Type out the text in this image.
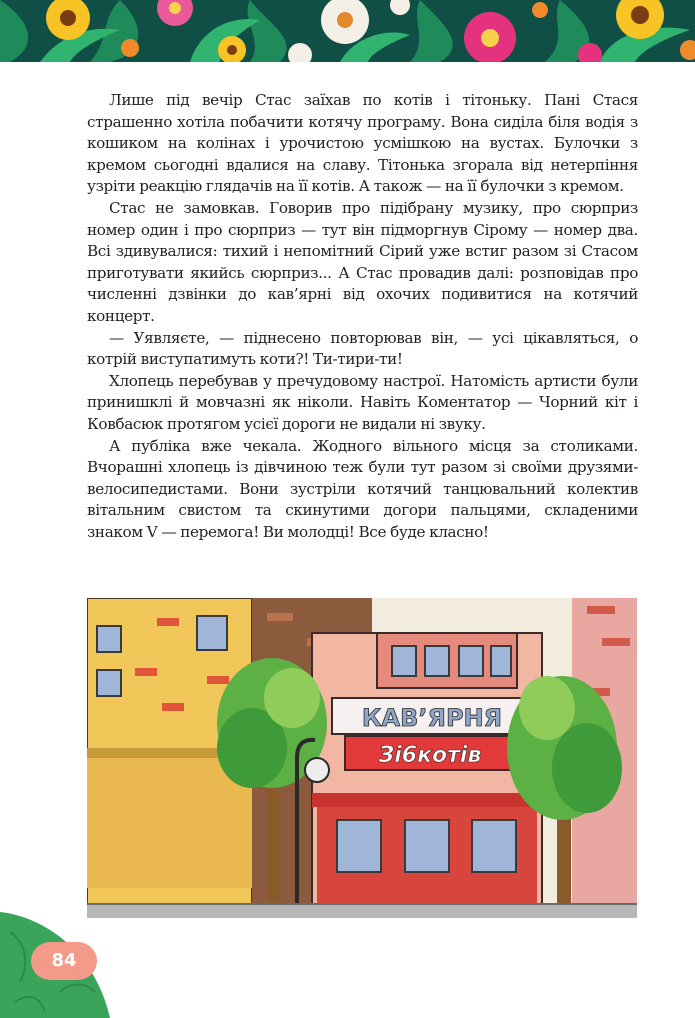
Лише під вечір Стас заїхав по котів і тітоньку. Пані Стася страшенно хотіла побачити котячу програму. Вона сиділа біля водія з кошиком на колінах і урочистою усмішкою на вустах. Булочки з кремом сьогодні вдалися на славу. Тітонька згорала від нетерпіння узріти реакцію глядачів на її котів. А також — на її булочки з кремом.

Стас не замовкав. Говорив про підібрану музику, про сюрприз номер один і про сюрприз — тут він підморгнув Сірому — номер два. Всі здивувалися: тихий і непомітний Сірий уже встиг разом зі Стасом приготувати якийсь сюрприз... А Стас провадив далі: розповідав про численні дзвінки до кав’ярні від охочих подивитися на котячий концерт.

— Уявляєте, — піднесено повторював він, — усі цікавляться, о котрій виступатимуть коти?! Ти-тири-ти!

Хлопець перебував у пречудовому настрої. Натомість артисти були принишклі й мовчазні як ніколи. Навіть Коментатор — Чорний кіт і Ковбасюк протягом усієї дороги не видали ні звуку.

А публіка вже чекала. Жодного вільного місця за столиками. Вчорашні хлопець із дівчиною теж були тут разом зі своїми друзями-велосипедистами. Вони зустріли котячий танцювальний колектив вітальним свистом та скинутими догори пальцями, складеними знаком V — перемога! Ви молодці! Все буде класно!

КАВ’ЯРНЯ
Зі6котів
84
